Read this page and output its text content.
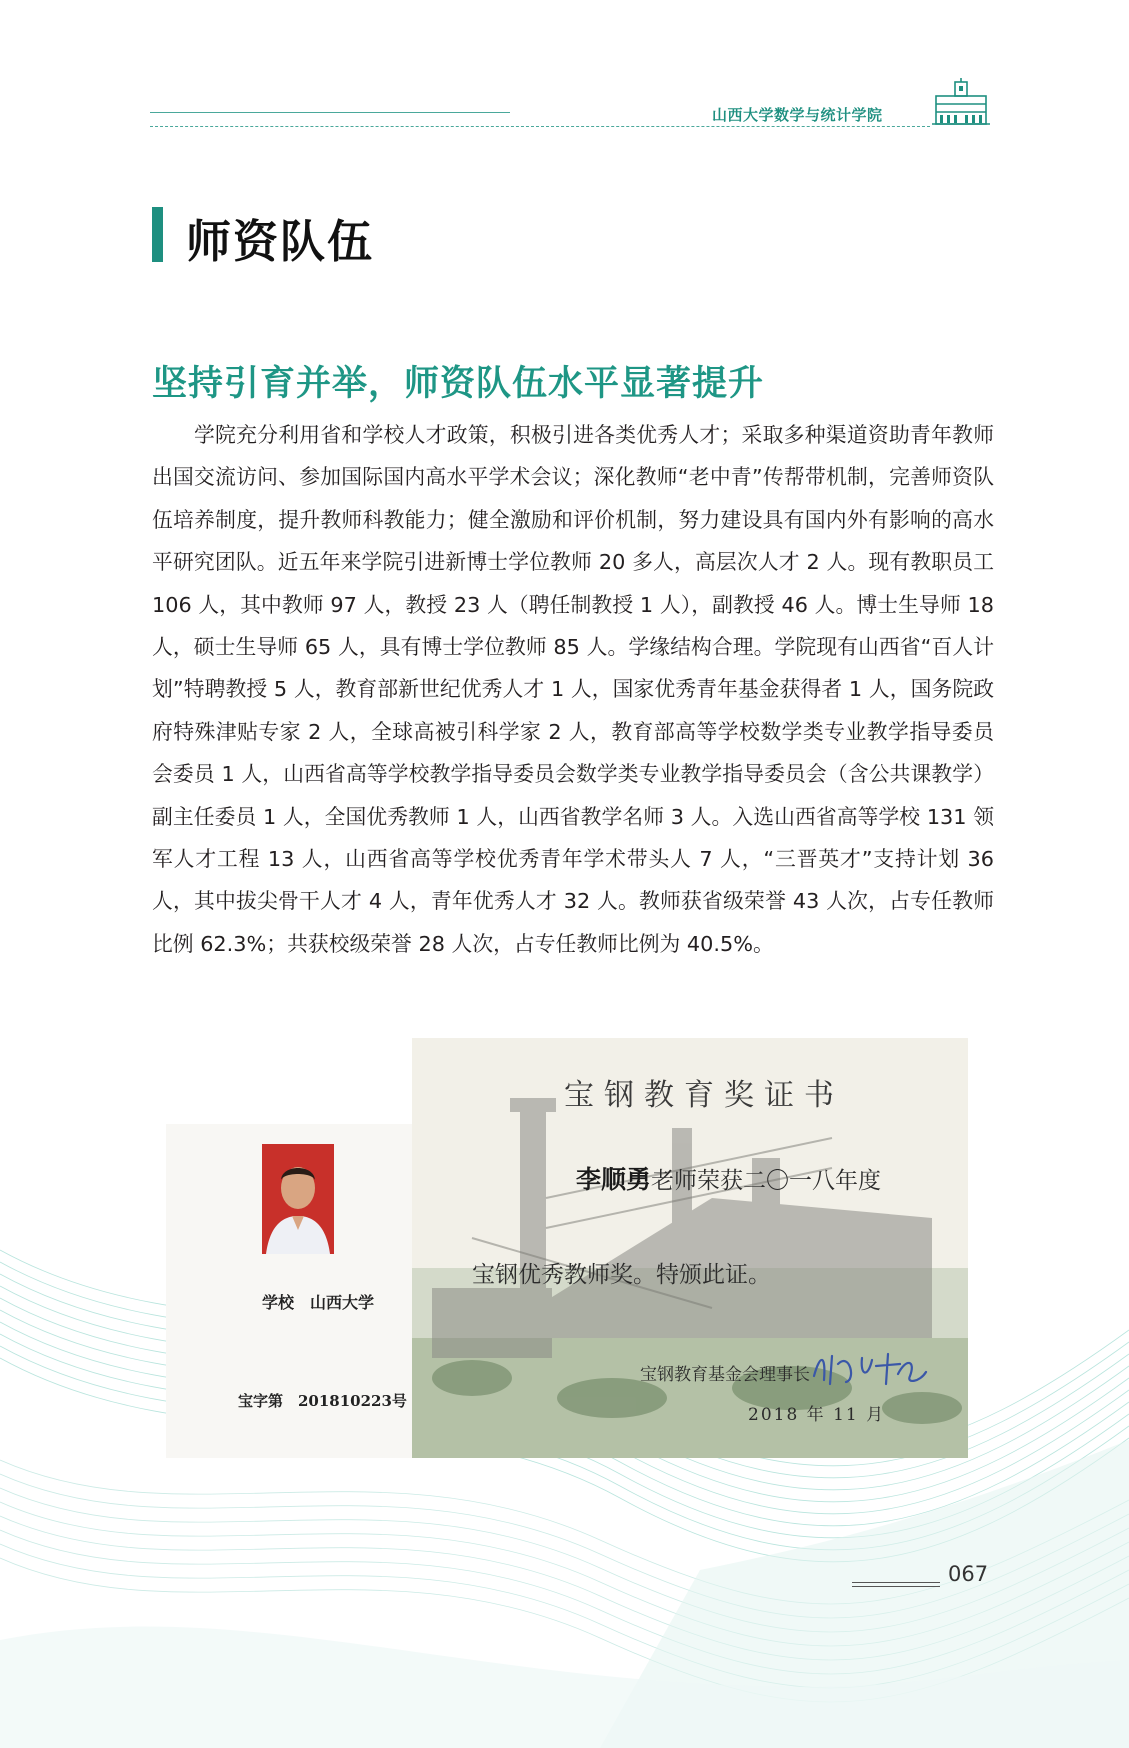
山西大学数学与统计学院
师资队伍
坚持引育并举，师资队伍水平显著提升

学院充分利用省和学校人才政策，积极引进各类优秀人才；采取多种渠道资助青年教师出国交流访问、参加国际国内高水平学术会议；深化教师“老中青”传帮带机制，完善师资队伍培养制度，提升教师科教能力；健全激励和评价机制，努力建设具有国内外有影响的高水平研究团队。近五年来学院引进新博士学位教师 20 多人，高层次人才 2 人。现有教职员工 106 人，其中教师 97 人，教授 23 人（聘任制教授 1 人），副教授 46 人。博士生导师 18 人，硕士生导师 65 人，具有博士学位教师 85 人。学缘结构合理。学院现有山西省“百人计划”特聘教授 5 人，教育部新世纪优秀人才 1 人，国家优秀青年基金获得者 1 人，国务院政府特殊津贴专家 2 人，全球高被引科学家 2 人，教育部高等学校数学类专业教学指导委员会委员 1 人，山西省高等学校教学指导委员会数学类专业教学指导委员会（含公共课教学）副主任委员 1 人，全国优秀教师 1 人，山西省教学名师 3 人。入选山西省高等学校 131 领军人才工程 13 人，山西省高等学校优秀青年学术带头人 7 人，“三晋英才”支持计划 36 人，其中拔尖骨干人才 4 人，青年优秀人才 32 人。教师获省级荣誉 43 人次，占专任教师比例 62.3%；共获校级荣誉 28 人次，占专任教师比例为 40.5%。

学校　山西大学
宝字第　201810223号
宝钢教育奖证书
李顺勇老师荣获二〇一八年度
宝钢优秀教师奖。特颁此证。
宝钢教育基金会理事长
2018 年 11 月
067
